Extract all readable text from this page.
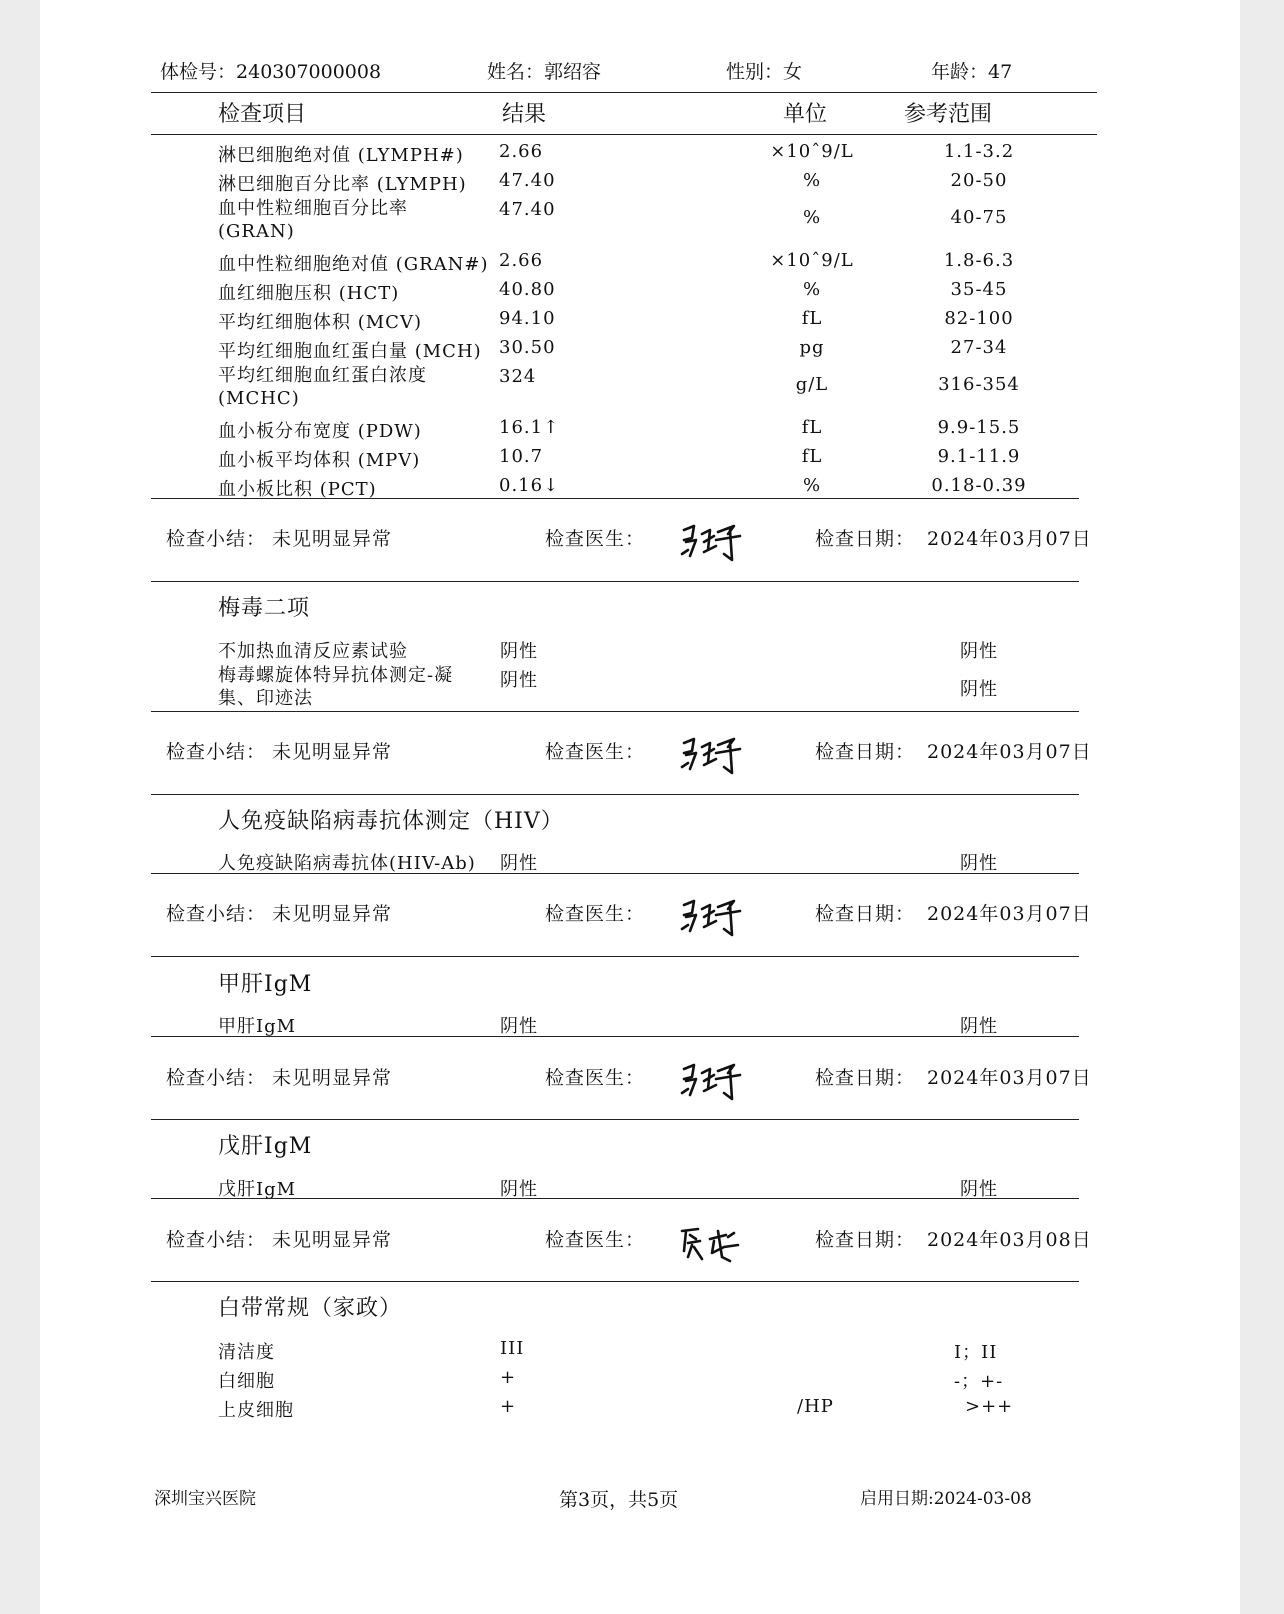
体检号：240307000008	姓名：郭绍容	性别：女	年龄：47
检查项目	结果	单位	参考范围
淋巴细胞绝对值 (LYMPH#) 2.66	×10ˆ9/L	1.1-3.2
淋巴细胞百分比率 (LYMPH) 47.40	%	20-50
血中性粒细胞百分比率
(GRAN)
47.40	%	40-75
血中性粒细胞绝对值 (GRAN#) 2.66	×10ˆ9/L	1.8-6.3
血红细胞压积 (HCT)	40.80	%	35-45
平均红细胞体积 (MCV)	94.10	fL	82-100
平均红细胞血红蛋白量 (MCH) 30.50	pg	27-34
平均红细胞血红蛋白浓度
(MCHC)
324	g/L	316-354
血小板分布宽度 (PDW)	16.1↑	fL	9.9-15.5
血小板平均体积 (MPV)	10.7	fL	9.1-11.9
血小板比积 (PCT)	0.16↓	%	0.18-0.39
检查小结： 未见明显异常	检查医生：	检查日期： 2024年03月07日
检查小结： 未见明显异常	检查医生：	检查日期： 2024年03月07日
检查小结： 未见明显异常	检查医生：	检查日期： 2024年03月07日
检查小结： 未见明显异常	检查医生：	检查日期： 2024年03月07日
检查小结： 未见明显异常	检查医生：	检查日期： 2024年03月08日
梅毒二项
不加热血清反应素试验	阴性	阴性
梅毒螺旋体特异抗体测定-凝
集、印迹法
阴性	阴性
人免疫缺陷病毒抗体测定（HIV）
人免疫缺陷病毒抗体(HIV-Ab) 阴性	阴性
甲肝IgM
甲肝IgM	阴性	阴性
戊肝IgM
戊肝IgM	阴性	阴性
白带常规（家政）
清洁度	III	I；II
白细胞	+	-；+-
上皮细胞	+	/HP	>++
深圳宝兴医院	第3页，共5页	启用日期:2024-03-08
